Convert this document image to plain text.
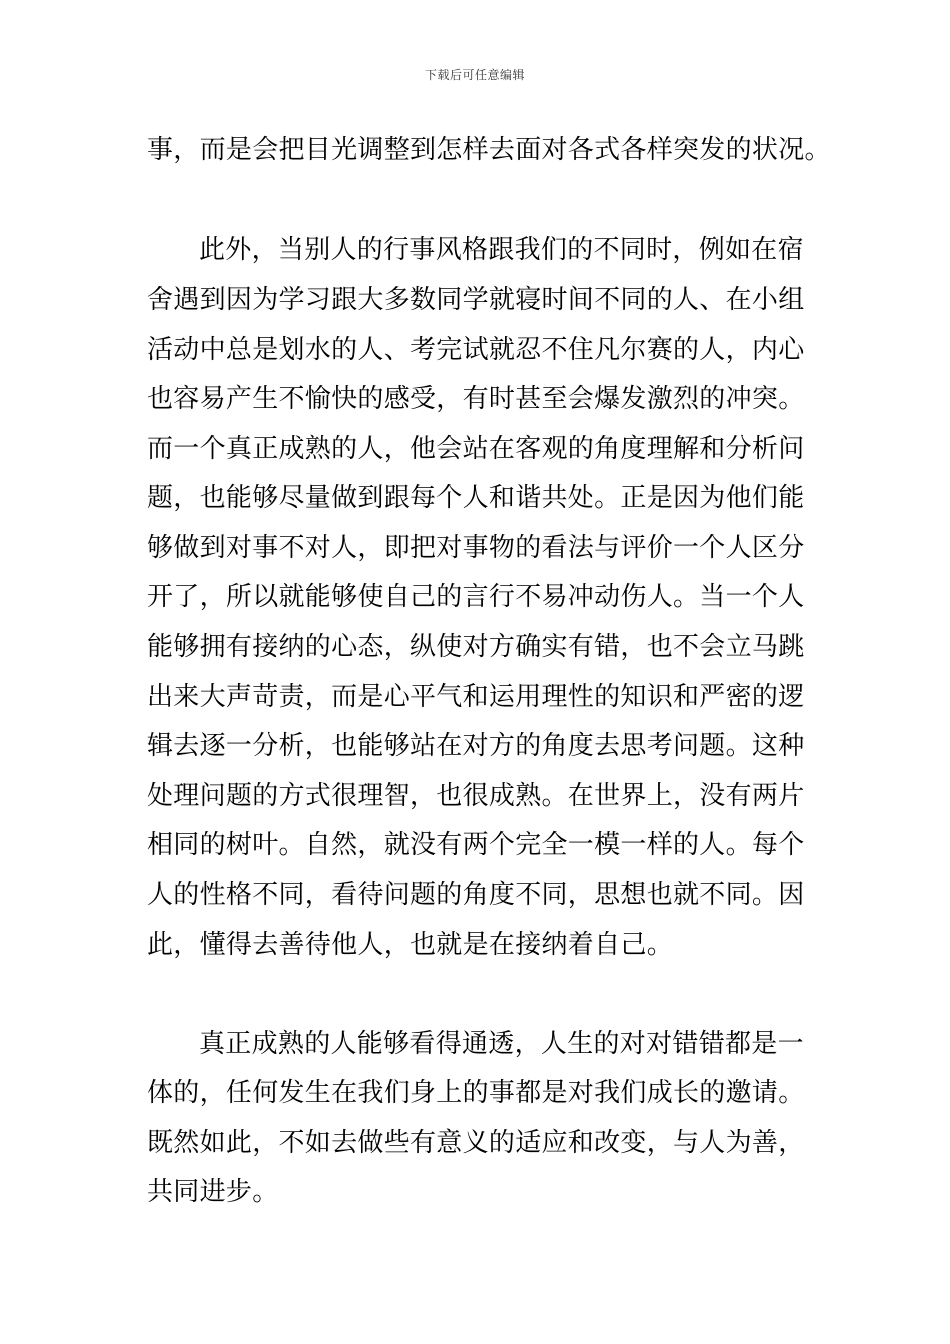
下载后可任意编辑
事，而是会把目光调整到怎样去面对各式各样突发的状况。
此外，当别人的行事风格跟我们的不同时，例如在宿
舍遇到因为学习跟大多数同学就寝时间不同的人、在小组
活动中总是划水的人、考完试就忍不住凡尔赛的人，内心
也容易产生不愉快的感受，有时甚至会爆发激烈的冲突。
而一个真正成熟的人，他会站在客观的角度理解和分析问
题，也能够尽量做到跟每个人和谐共处。正是因为他们能
够做到对事不对人，即把对事物的看法与评价一个人区分
开了，所以就能够使自己的言行不易冲动伤人。当一个人
能够拥有接纳的心态，纵使对方确实有错，也不会立马跳
出来大声苛责，而是心平气和运用理性的知识和严密的逻
辑去逐一分析，也能够站在对方的角度去思考问题。这种
处理问题的方式很理智，也很成熟。在世界上，没有两片
相同的树叶。自然，就没有两个完全一模一样的人。每个
人的性格不同，看待问题的角度不同，思想也就不同。因
此，懂得去善待他人，也就是在接纳着自己。
真正成熟的人能够看得通透，人生的对对错错都是一
体的，任何发生在我们身上的事都是对我们成长的邀请。
既然如此，不如去做些有意义的适应和改变，与人为善，
共同进步。
